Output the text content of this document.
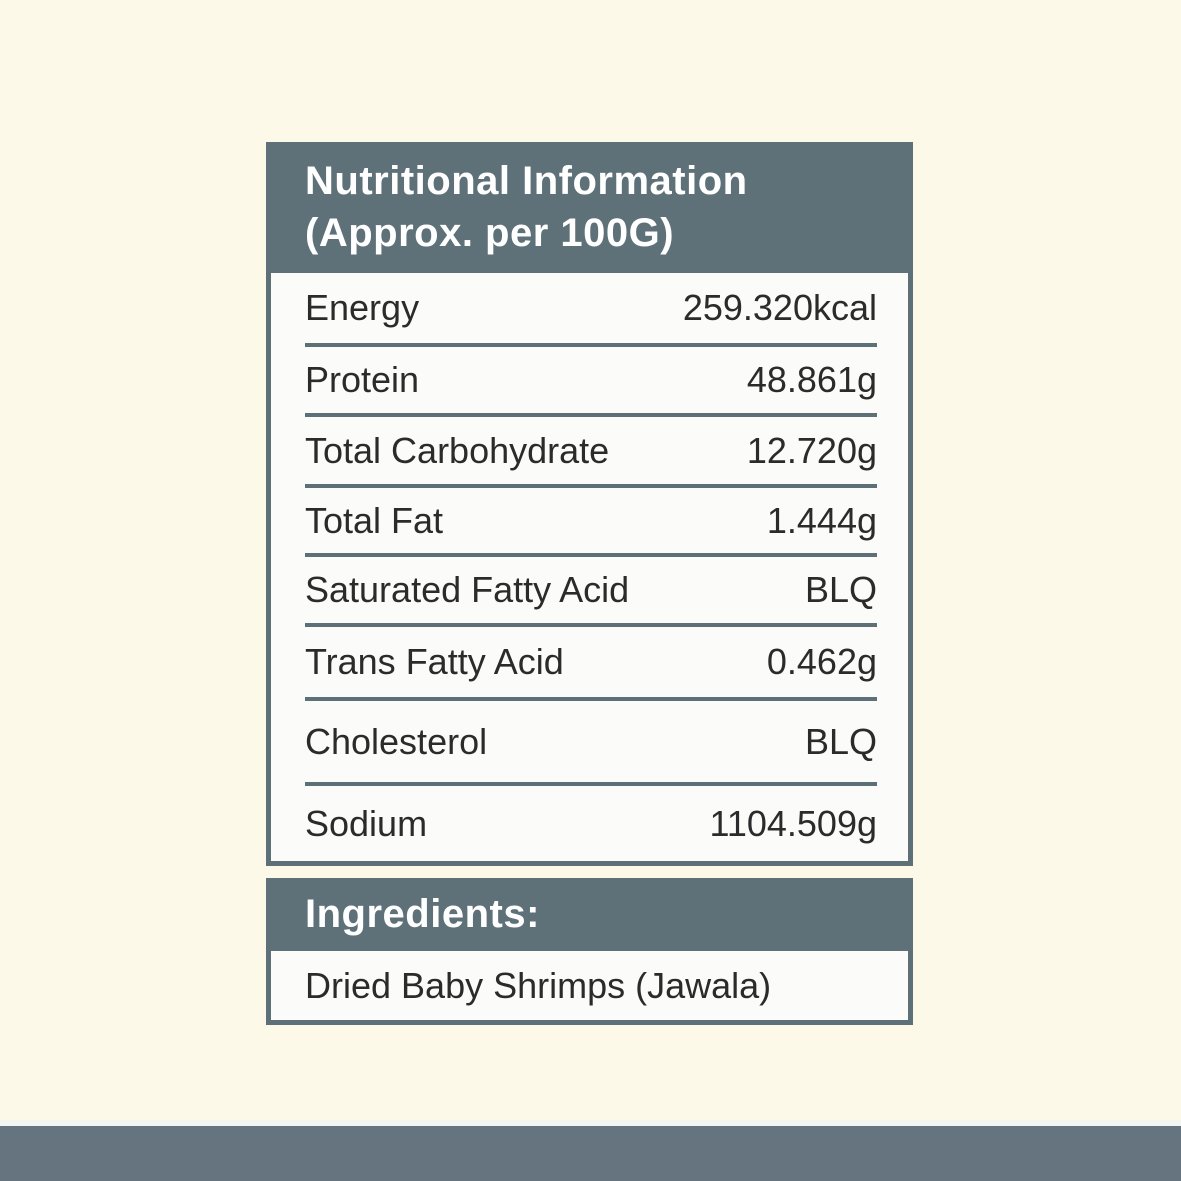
Nutritional Information
(Approx. per 100G)
Energy	259.320kcal
Protein	48.861g
Total Carbohydrate	12.720g
Total Fat	1.444g
Saturated Fatty Acid	BLQ
Trans Fatty Acid	0.462g
Cholesterol	BLQ
Sodium	1104.509g
Ingredients:
Dried Baby Shrimps (Jawala)
